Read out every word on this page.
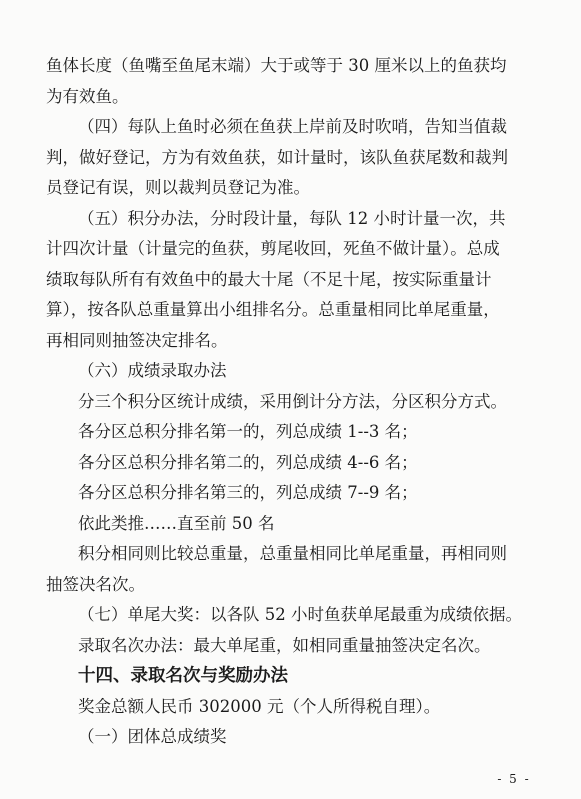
鱼体长度（鱼嘴至鱼尾末端）大于或等于 30 厘米以上的鱼获均
为有效鱼。
（四）每队上鱼时必须在鱼获上岸前及时吹哨，告知当值裁
判，做好登记，方为有效鱼获，如计量时，该队鱼获尾数和裁判
员登记有误，则以裁判员登记为准。
（五）积分办法，分时段计量，每队 12 小时计量一次，共
计四次计量（计量完的鱼获，剪尾收回，死鱼不做计量）。总成
绩取每队所有有效鱼中的最大十尾（不足十尾，按实际重量计
算），按各队总重量算出小组排名分。总重量相同比单尾重量，
再相同则抽签决定排名。
（六）成绩录取办法
分三个积分区统计成绩，采用倒计分方法，分区积分方式。
各分区总积分排名第一的，列总成绩 1--3 名；
各分区总积分排名第二的，列总成绩 4--6 名；
各分区总积分排名第三的，列总成绩 7--9 名；
依此类推……直至前 50 名
积分相同则比较总重量，总重量相同比单尾重量，再相同则
抽签决名次。
（七）单尾大奖：以各队 52 小时鱼获单尾最重为成绩依据。
录取名次办法：最大单尾重，如相同重量抽签决定名次。
十四、录取名次与奖励办法
奖金总额人民币 302000 元（个人所得税自理）。
（一）团体总成绩奖
- 5 -
